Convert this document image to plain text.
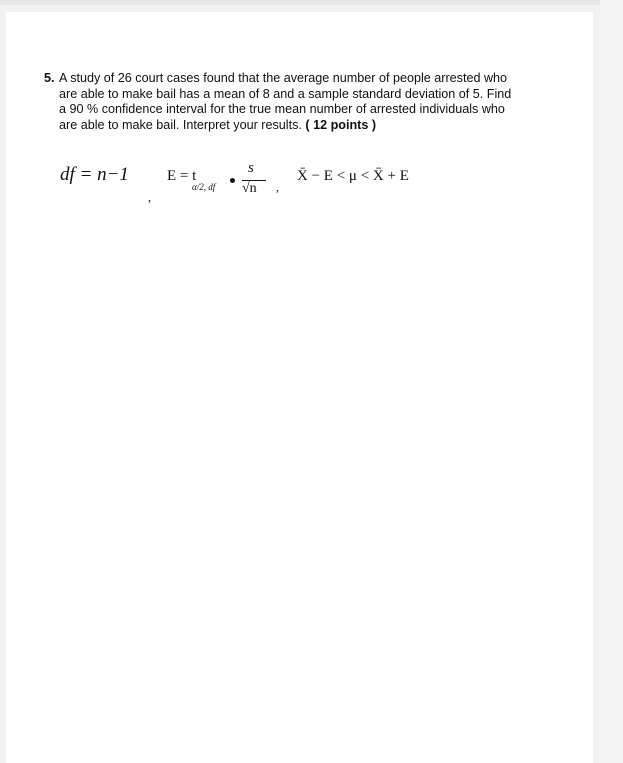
5. A study of 26 court cases found that the average number of people arrested who are able to make bail has a mean of 8 and a sample standard deviation of 5. Find a 90 % confidence interval for the true mean number of arrested individuals who are able to make bail. Interpret your results. ( 12 points )
df = n−1
,
E = t
α/2, df
s
√n ,
X̄ − E < μ < X̄ + E
